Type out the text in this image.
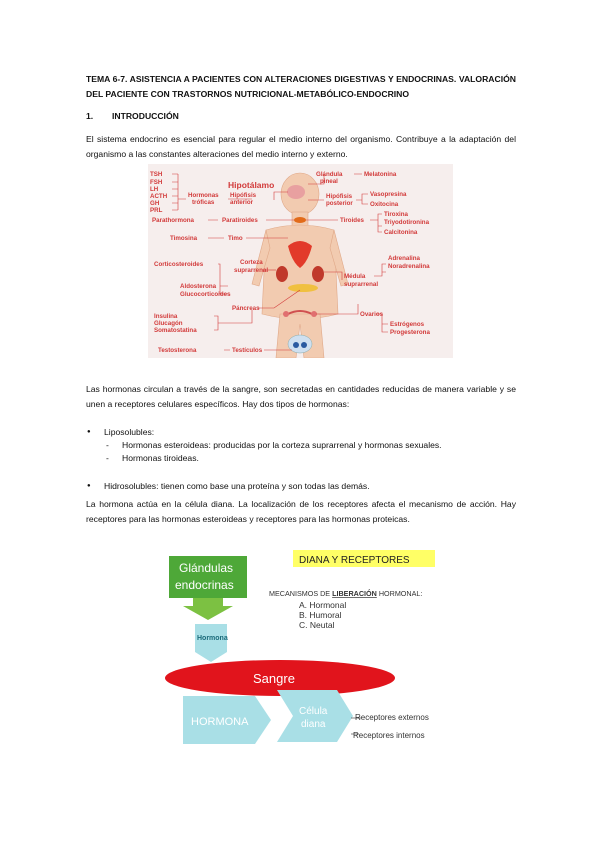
TEMA 6-7. ASISTENCIA A PACIENTES CON ALTERACIONES DIGESTIVAS Y ENDOCRINAS. VALORACIÓN DEL PACIENTE CON TRASTORNOS NUTRICIONAL-METABÓLICO-ENDOCRINO
1. INTRODUCCIÓN
El sistema endocrino es esencial para regular el medio interno del organismo. Contribuye a la adaptación del organismo a las constantes alteraciones del medio interno y externo.
TSH
FSH
LH
ACTH
GH
PRL
Hormonas
tróficas
Parathormona
Timosina
Corticosteroides
Aldosterona
Glucocorticoides
Insulina
Glucagón
Somatostatina
Testosterona
Hipotálamo
Hipófisis
anterior
Paratiroides
Timo
Corteza
suprarrenal
Páncreas
Testículos
Glándula
pineal
Melatonina
Hipófisis
posterior
Vasopresina
Oxitocina
Tiroides
Tiroxina
Triyodotironina
Calcitonina
Adrenalina
Noradrenalina
Médula
suprarrenal
Ovarios
Estrógenos
Progesterona
Las hormonas circulan a través de la sangre, son secretadas en cantidades reducidas de manera variable y se unen a receptores celulares específicos. Hay dos tipos de hormonas:
● Liposolubles:
- Hormonas esteroideas: producidas por la corteza suprarrenal y hormonas sexuales.
- Hormonas tiroideas.
● Hidrosolubles: tienen como base una proteína y son todas las demás.
La hormona actúa en la célula diana. La localización de los receptores afecta el mecanismo de acción. Hay receptores para las hormonas esteroideas y receptores para las hormonas proteicas.
Glándulas
endocrinas
Hormona
DIANA Y RECEPTORES
MECANISMOS DE LIBERACIÓN HORMONAL:
A. Hormonal
B. Humoral
C. Neutal
Sangre
HORMONA
Célula
diana
Receptores externos
Receptores internos
